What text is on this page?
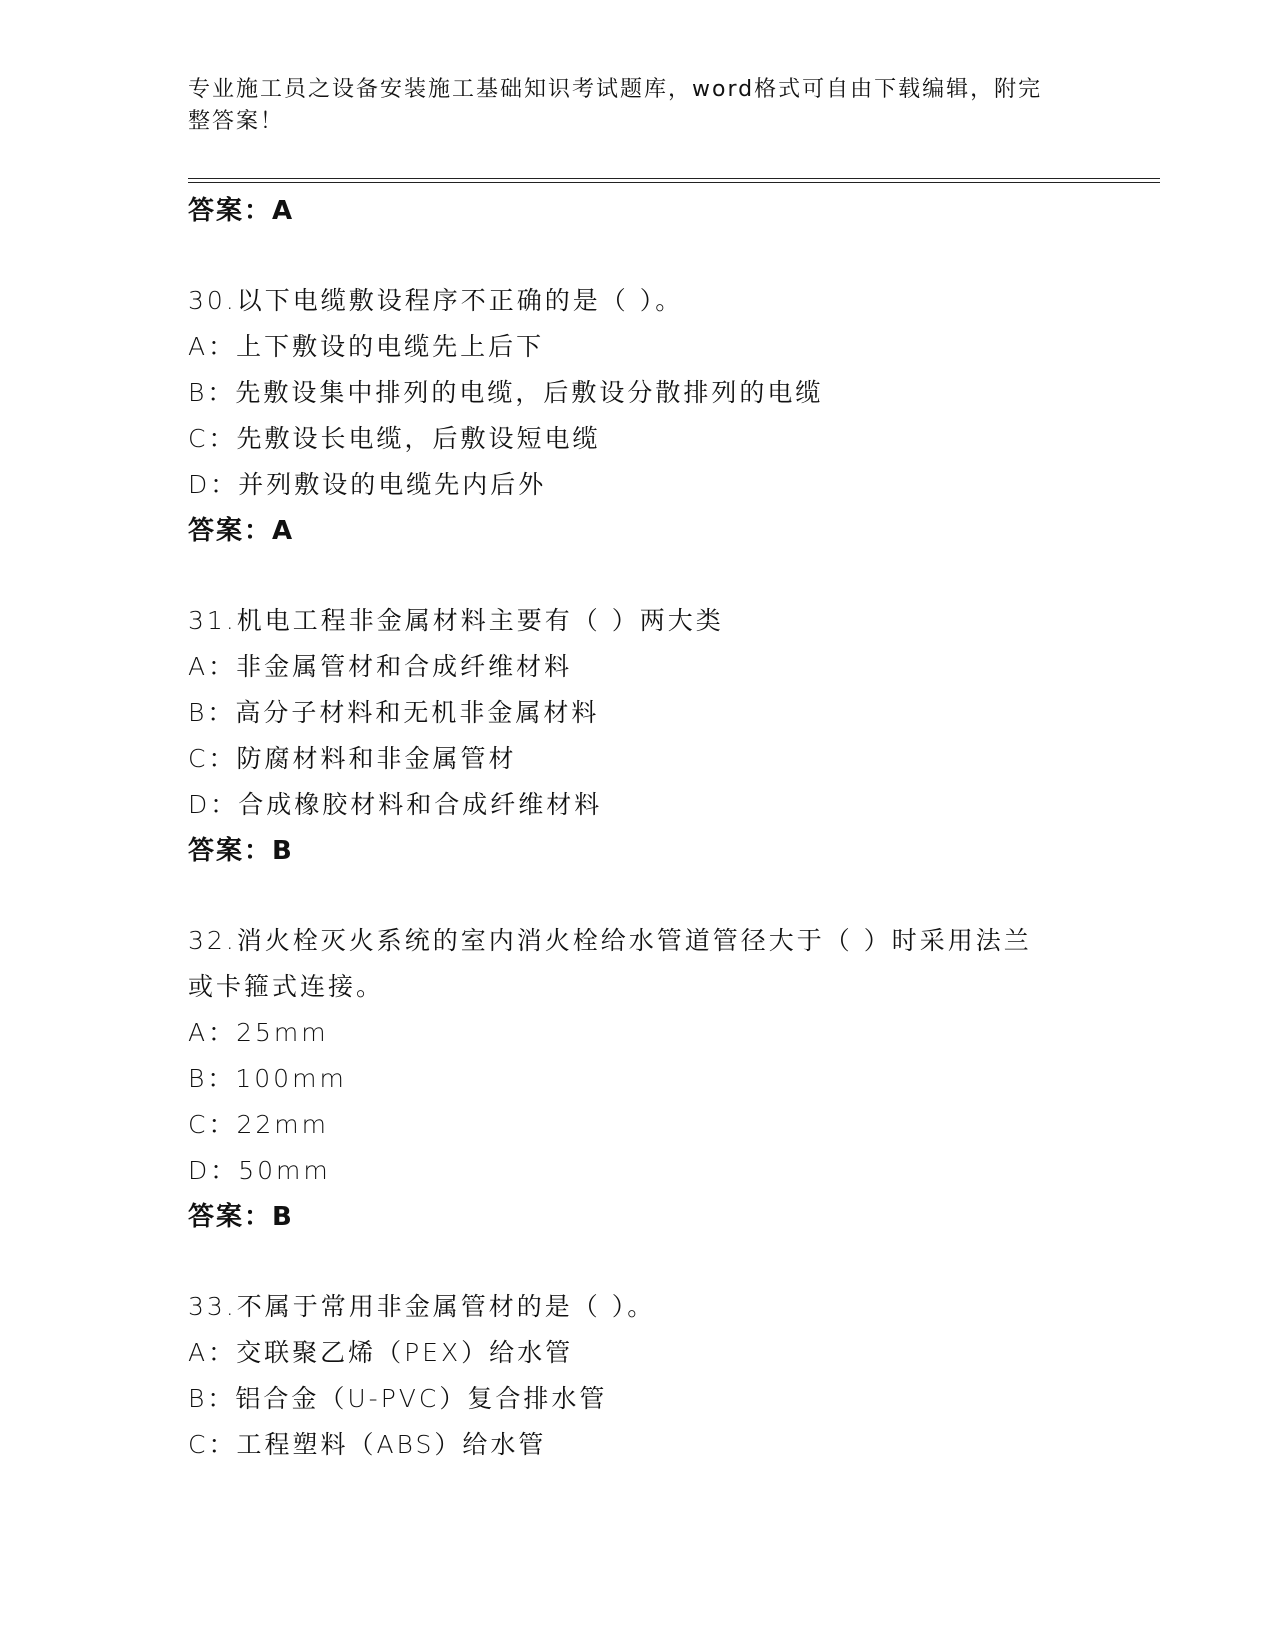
专业施工员之设备安装施工基础知识考试题库，word格式可自由下载编辑，附完
整答案！
答案：A
30.以下电缆敷设程序不正确的是（ ）。
A：上下敷设的电缆先上后下
B：先敷设集中排列的电缆，后敷设分散排列的电缆
C：先敷设长电缆，后敷设短电缆
D：并列敷设的电缆先内后外
答案：A
31.机电工程非金属材料主要有（ ）两大类
A：非金属管材和合成纤维材料
B：高分子材料和无机非金属材料
C：防腐材料和非金属管材
D：合成橡胶材料和合成纤维材料
答案：B
32.消火栓灭火系统的室内消火栓给水管道管径大于（ ）时采用法兰
或卡箍式连接。
A：25mm
B：100mm
C：22mm
D：50mm
答案：B
33.不属于常用非金属管材的是（ ）。
A：交联聚乙烯（PEX）给水管
B：铝合金（U-PVC）复合排水管
C：工程塑料（ABS）给水管
